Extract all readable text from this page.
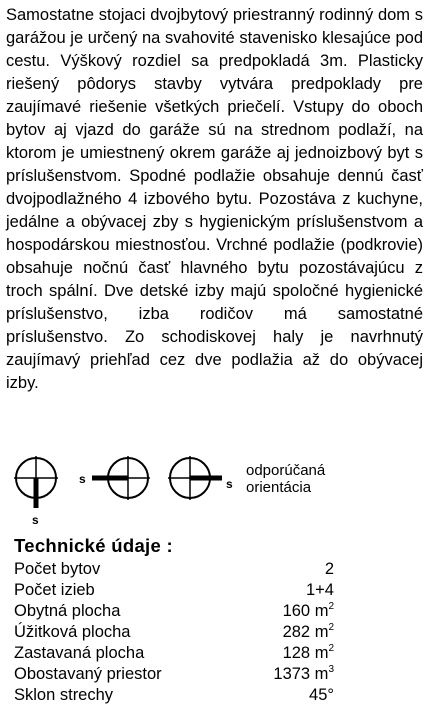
Samostatne stojaci dvojbytový priestranný rodinný dom s garážou je určený na svahovité stavenisko klesajúce pod cestu. Výškový rozdiel sa predpokladá 3m. Plasticky riešený pôdorys stavby vytvára predpoklady pre zaujímavé riešenie všetkých priečelí. Vstupy do oboch bytov aj vjazd do garáže sú na strednom podlaží, na ktorom je umiestnený okrem garáže aj jednoizbový byt s príslušenstvom. Spodné podlažie obsahuje dennú časť dvojpodlažného 4 izbového bytu. Pozostáva z kuchyne, jedálne a obývacej zby s hygienickým príslušenstvom a hospodárskou miestnosťou. Vrchné podlažie (podkrovie) obsahuje nočnú časť hlavného bytu pozostávajúcu z troch spální. Dve detské izby majú spoločné hygienické príslušenstvo, izba rodičov má samostatné príslušenstvo. Zo schodiskovej haly je navrhnutý zaujímavý priehľad cez dve podlažia až do obývacej izby.
s
s	s
odporúčaná
orientácia
Technické údaje :
Počet bytov	2
Počet izieb	1+4
Obytná plocha	160 $m^2$
Úžitková plocha	282 $m^2$
Zastavaná plocha	128 $m^2$
Obostavaný priestor	1373 $m^3$
Sklon strechy	45°
